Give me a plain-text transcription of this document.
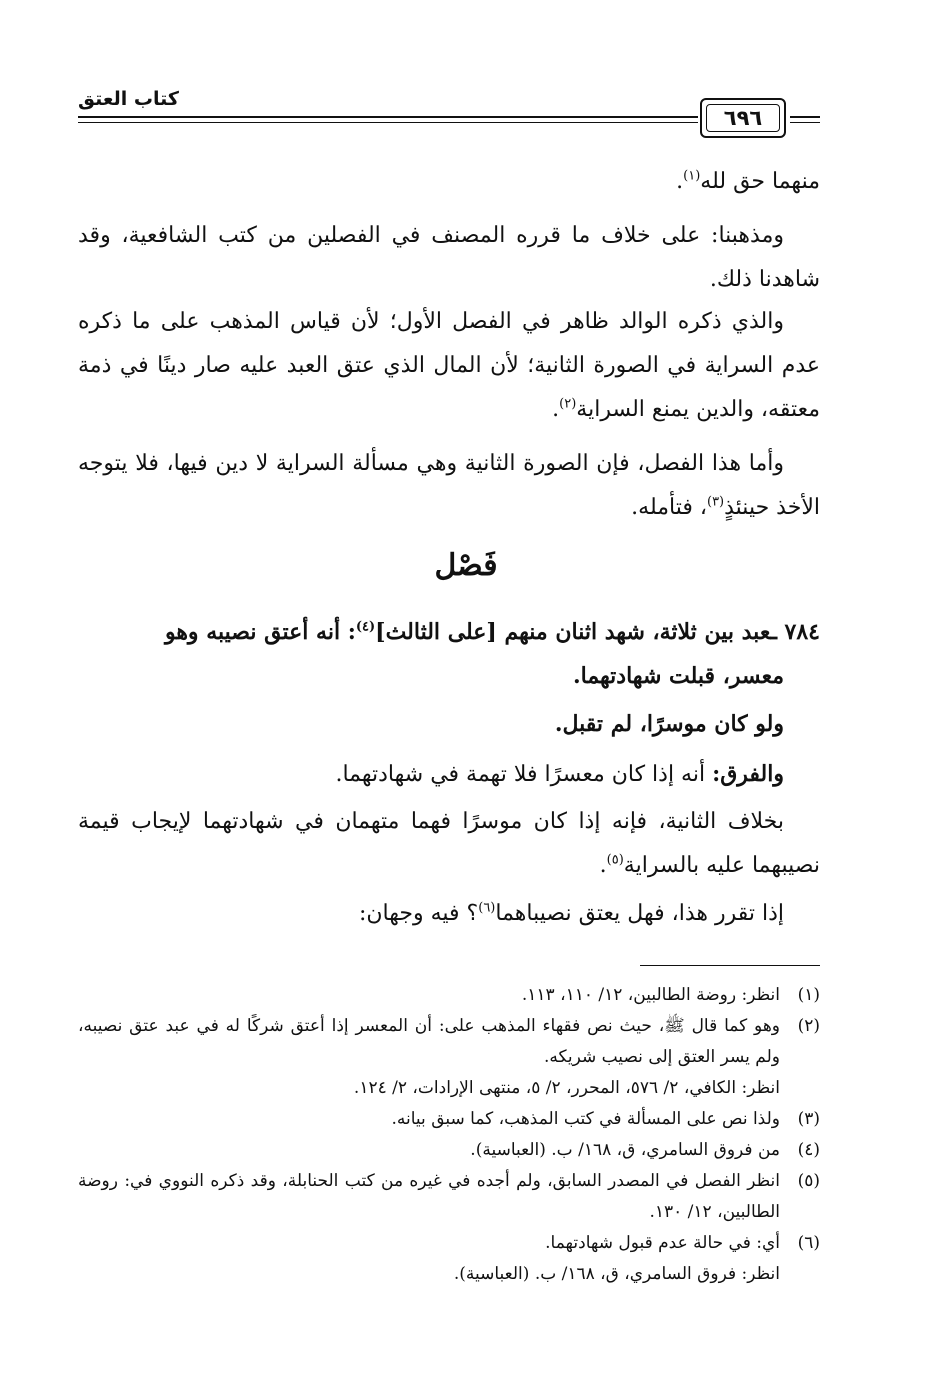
كتاب العتق
٦٩٦
منهما حق لله$^{(١)}$.
ومذهبنا: على خلاف ما قرره المصنف في الفصلين من كتب الشافعية، وقد شاهدنا ذلك.
والذي ذكره الوالد ظاهر في الفصل الأول؛ لأن قياس المذهب على ما ذكره عدم السراية في الصورة الثانية؛ لأن المال الذي عتق العبد عليه صار دينًا في ذمة معتقه، والدين يمنع السراية$^{(٢)}$.
وأما هذا الفصل، فإن الصورة الثانية وهي مسألة السراية لا دين فيها، فلا يتوجه الأخذ حينئذٍ$^{(٣)}$، فتأمله.
فَصْل
٧٨٤ ـعبد بين ثلاثة، شهد اثنان منهم [على الثالث]$^{(٤)}$: أنه أعتق نصيبه وهو
معسر، قبلت شهادتهما.
ولو كان موسرًا، لم تقبل.
والفرق: أنه إذا كان معسرًا فلا تهمة في شهادتهما.
بخلاف الثانية، فإنه إذا كان موسرًا فهما متهمان في شهادتهما لإيجاب قيمة نصيبهما عليه بالسراية$^{(٥)}$.
إذا تقرر هذا، فهل يعتق نصيباهما$^{(٦)}$؟ فيه وجهان:
(١)
انظر: روضة الطالبين، ١٢/ ١١٠، ١١٣.
(٢)
وهو كما قال ﷺ، حيث نص فقهاء المذهب على: أن المعسر إذا أعتق شركًا له في عبد عتق نصيبه، ولم يسر العتق إلى نصيب شريكه.
انظر: الكافي، ٢/ ٥٧٦، المحرر، ٢/ ٥، منتهى الإرادات، ٢/ ١٢٤.
(٣)
ولذا نص على المسألة في كتب المذهب، كما سبق بيانه.
(٤)
من فروق السامري، ق، ١٦٨/ ب. (العباسية).
(٥)
انظر الفصل في المصدر السابق، ولم أجده في غيره من كتب الحنابلة، وقد ذكره النووي في: روضة الطالبين، ١٢/ ١٣٠.
(٦)
أي: في حالة عدم قبول شهادتهما.
انظر: فروق السامري، ق، ١٦٨/ ب. (العباسية).
